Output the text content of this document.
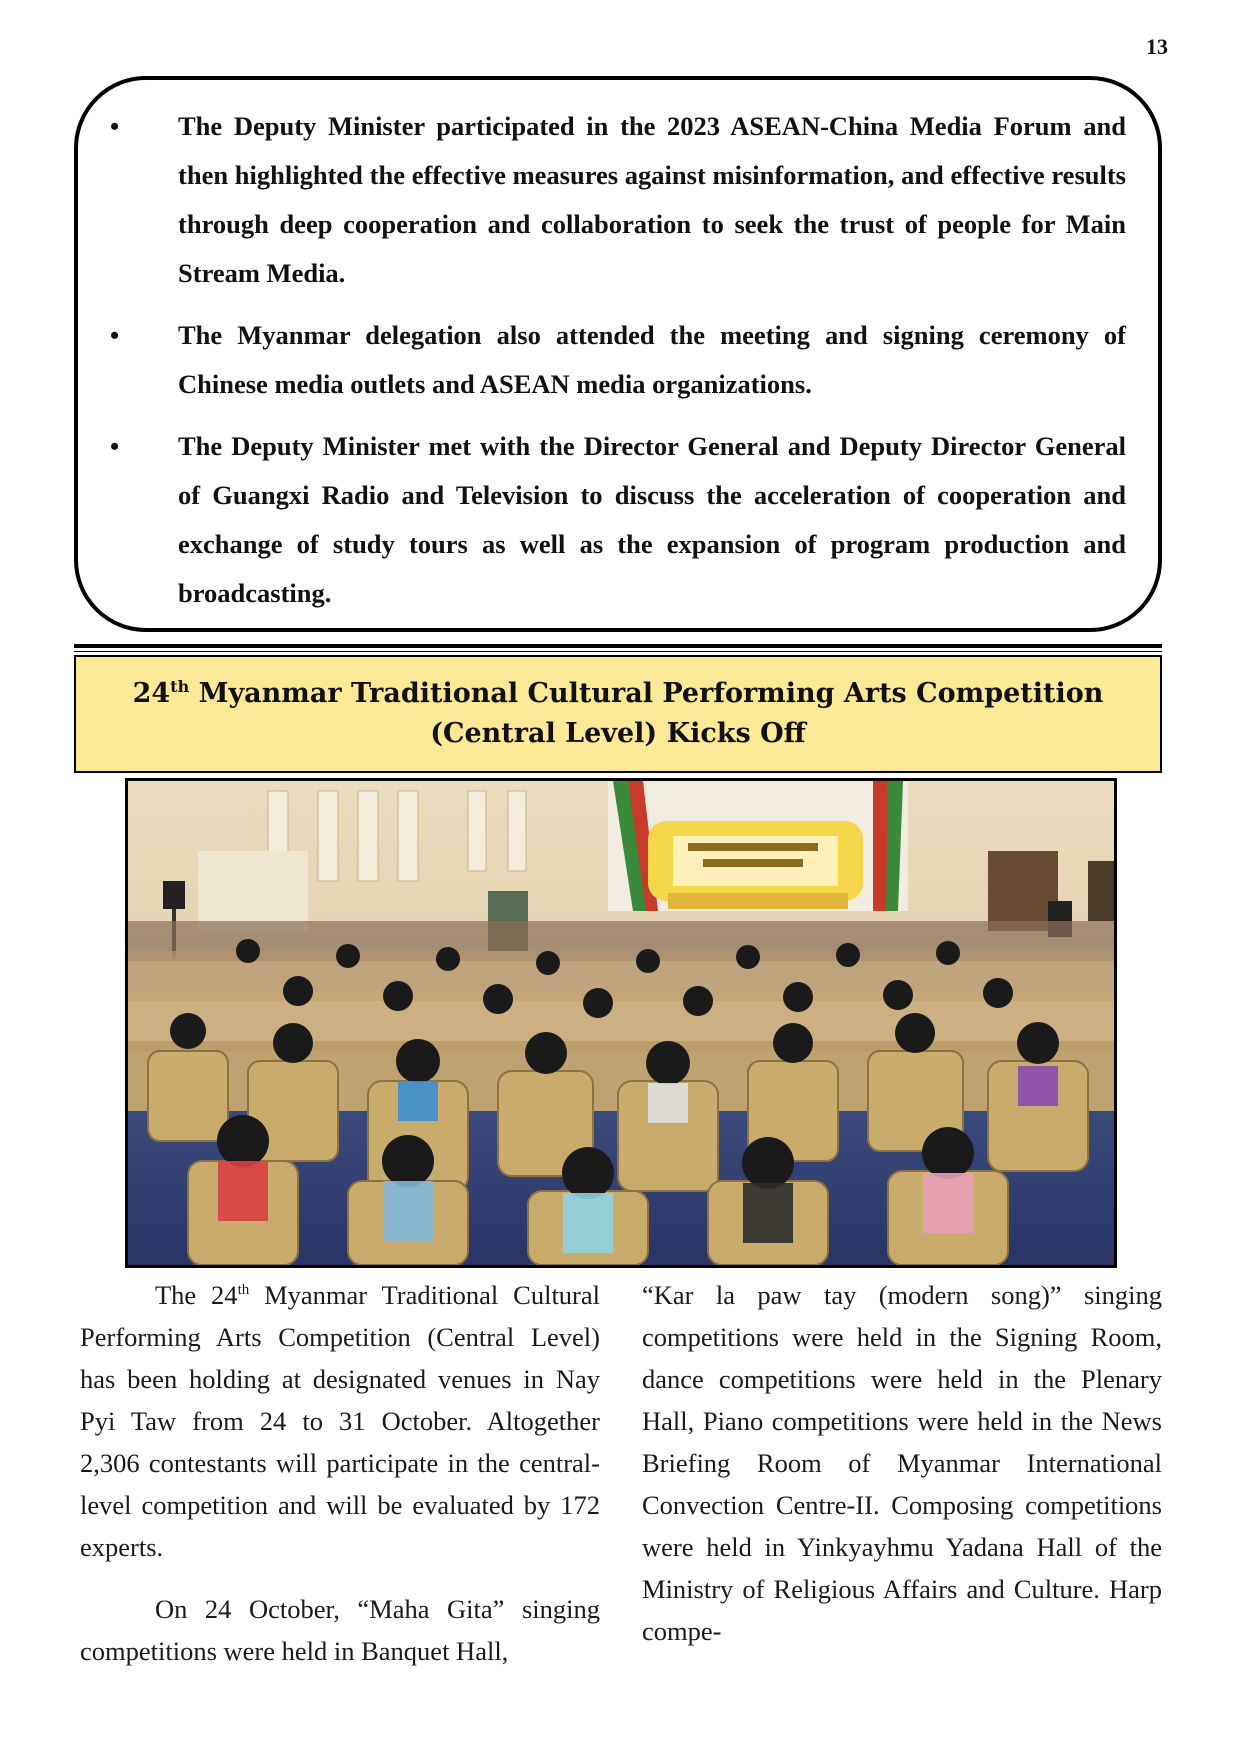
13
• The Deputy Minister participated in the 2023 ASEAN-China Media Forum and then highlighted the effective measures against misinformation, and effective results through deep cooperation and collaboration to seek the trust of people for Main Stream Media.
• The Myanmar delegation also attended the meeting and signing ceremony of Chinese media outlets and ASEAN media organizations.
• The Deputy Minister met with the Director General and Deputy Director General of Guangxi Radio and Television to discuss the acceleration of cooperation and exchange of study tours as well as the expansion of program production and broadcasting.
24th Myanmar Traditional Cultural Performing Arts Competition
(Central Level) Kicks Off

The 24th Myanmar Traditional Cultural Performing Arts Competition (Central Level) has been holding at designated venues in Nay Pyi Taw from 24 to 31 October. Altogether 2,306 contestants will participate in the central-level competition and will be evaluated by 172 experts.

On 24 October, “Maha Gita” singing competitions were held in Banquet Hall,

“Kar la paw tay (modern song)” singing competitions were held in the Signing Room, dance competitions were held in the Plenary Hall, Piano competitions were held in the News Briefing Room of Myanmar International Convection Centre-II. Composing competitions were held in Yinkyayhmu Yadana Hall of the Ministry of Religious Affairs and Culture. Harp compe-
